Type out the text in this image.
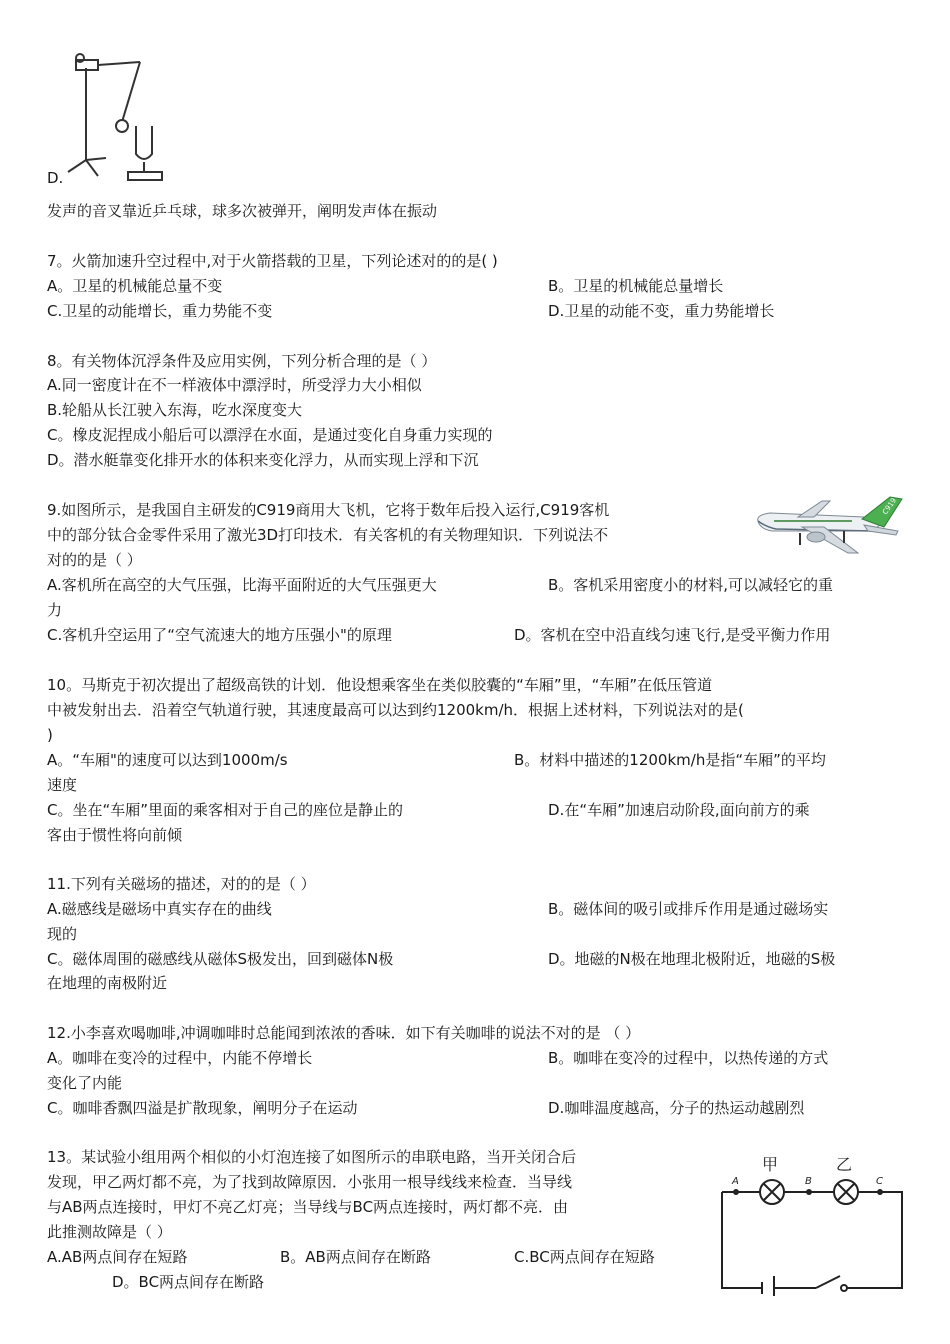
D.
发声的音叉靠近乒乓球，球多次被弹开，阐明发声体在振动
7。火箭加速升空过程中,对于火箭搭载的卫星，下列论述对的的是( )
A。卫星的机械能总量不变	B。卫星的机械能总量增长
C.卫星的动能增长，重力势能不变	D.卫星的动能不变，重力势能增长
8。有关物体沉浮条件及应用实例，下列分析合理的是（ ）
A.同一密度计在不一样液体中漂浮时，所受浮力大小相似
B.轮船从长江驶入东海，吃水深度变大
C。橡皮泥捏成小船后可以漂浮在水面，是通过变化自身重力实现的
D。潜水艇靠变化排开水的体积来变化浮力，从而实现上浮和下沉
9.如图所示，是我国自主研发的C919商用大飞机，它将于数年后投入运行,C919客机
中的部分钛合金零件采用了激光3D打印技术．有关客机的有关物理知识．下列说法不
对的的是（ ）
C919
A.客机所在高空的大气压强，比海平面附近的大气压强更大	B。客机采用密度小的材料,可以减轻它的重
力
C.客机升空运用了“空气流速大的地方压强小"的原理	D。客机在空中沿直线匀速飞行,是受平衡力作用
10。马斯克于初次提出了超级高铁的计划．他设想乘客坐在类似胶囊的“车厢”里，“车厢”在低压管道
中被发射出去．沿着空气轨道行驶，其速度最高可以达到约1200km/h．根据上述材料，下列说法对的是(
)
A。“车厢"的速度可以达到1000m/s	B。材料中描述的1200km/h是指“车厢”的平均
速度
C。坐在“车厢”里面的乘客相对于自己的座位是静止的	D.在“车厢”加速启动阶段,面向前方的乘
客由于惯性将向前倾
11.下列有关磁场的描述，对的的是（ ）
A.磁感线是磁场中真实存在的曲线	B。磁体间的吸引或排斥作用是通过磁场实
现的
C。磁体周围的磁感线从磁体S极发出，回到磁体N极	D。地磁的N极在地理北极附近，地磁的S极
在地理的南极附近
12.小李喜欢喝咖啡,冲调咖啡时总能闻到浓浓的香味．如下有关咖啡的说法不对的是 （ ）
A。咖啡在变冷的过程中，内能不停增长	B。咖啡在变冷的过程中，以热传递的方式
变化了内能
C。咖啡香飘四溢是扩散现象，阐明分子在运动	D.咖啡温度越高，分子的热运动越剧烈
13。某试验小组用两个相似的小灯泡连接了如图所示的串联电路，当开关闭合后
发现，甲乙两灯都不亮，为了找到故障原因．小张用一根导线线来检查．当导线
与AB两点连接时，甲灯不亮乙灯亮；当导线与BC两点连接时，两灯都不亮．由
此推测故障是（ ）
A.AB两点间存在短路	B。AB两点间存在断路	C.BC两点间存在短路
D。BC两点间存在断路
甲	乙
A	B	C
